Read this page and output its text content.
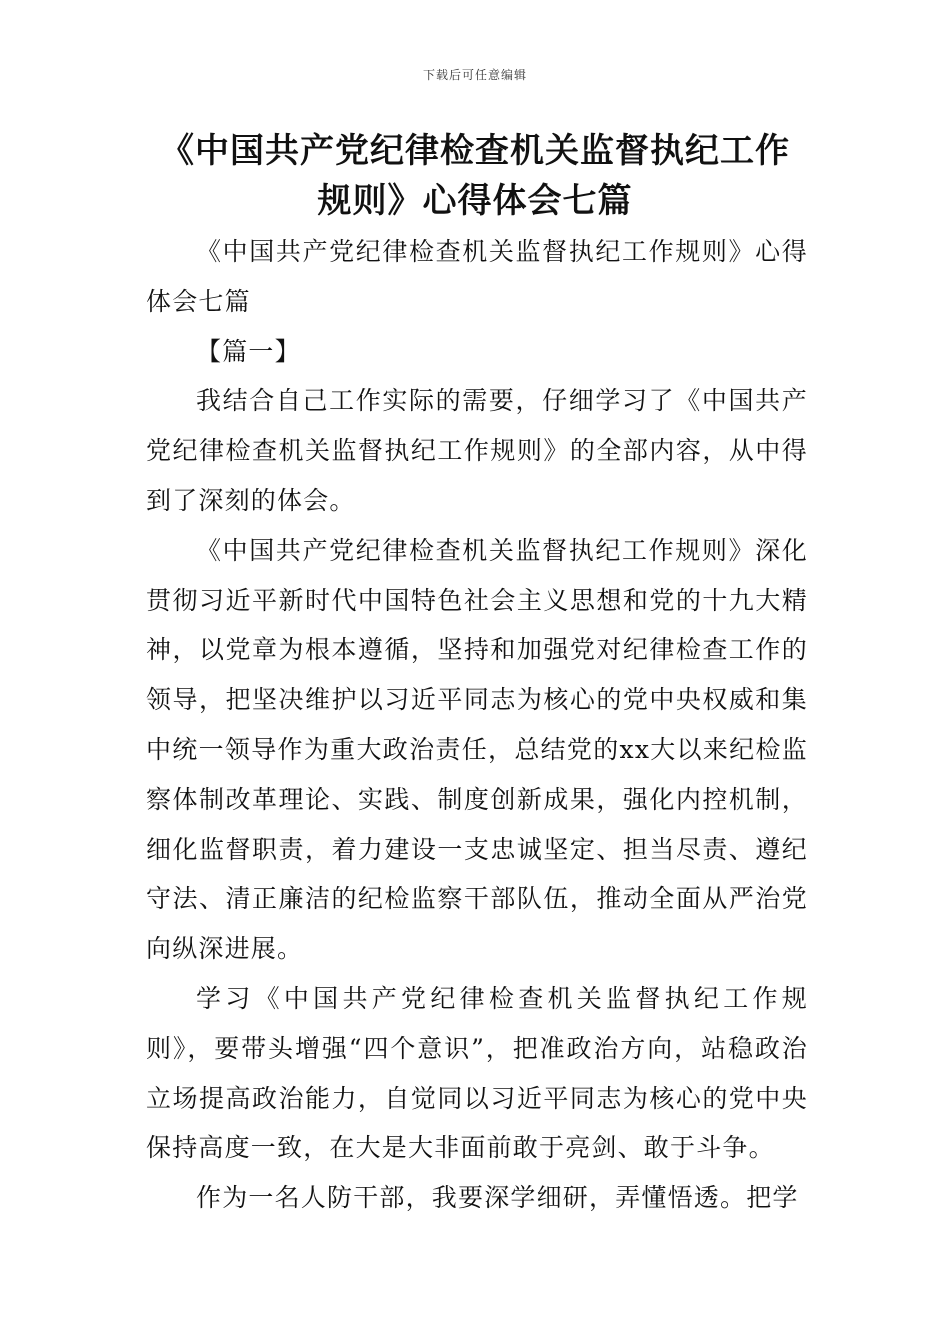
下载后可任意编辑
《中国共产党纪律检查机关监督执纪工作
规则》心得体会七篇

《中国共产党纪律检查机关监督执纪工作规则》心得体会七篇

【篇一】

我结合自己工作实际的需要，仔细学习了《中国共产党纪律检查机关监督执纪工作规则》的全部内容，从中得到了深刻的体会。

《中国共产党纪律检查机关监督执纪工作规则》深化贯彻习近平新时代中国特色社会主义思想和党的十九大精神，以党章为根本遵循，坚持和加强党对纪律检查工作的领导，把坚决维护以习近平同志为核心的党中央权威和集中统一领导作为重大政治责任，总结党的xx大以来纪检监察体制改革理论、实践、制度创新成果，强化内控机制，细化监督职责，着力建设一支忠诚坚定、担当尽责、遵纪守法、清正廉洁的纪检监察干部队伍，推动全面从严治党向纵深进展。

学习《中国共产党纪律检查机关监督执纪工作规则》，要带头增强“四个意识”，把准政治方向，站稳政治立场提高政治能力，自觉同以习近平同志为核心的党中央保持高度一致，在大是大非面前敢于亮剑、敢于斗争。

作为一名人防干部，我要深学细研，弄懂悟透。把学
